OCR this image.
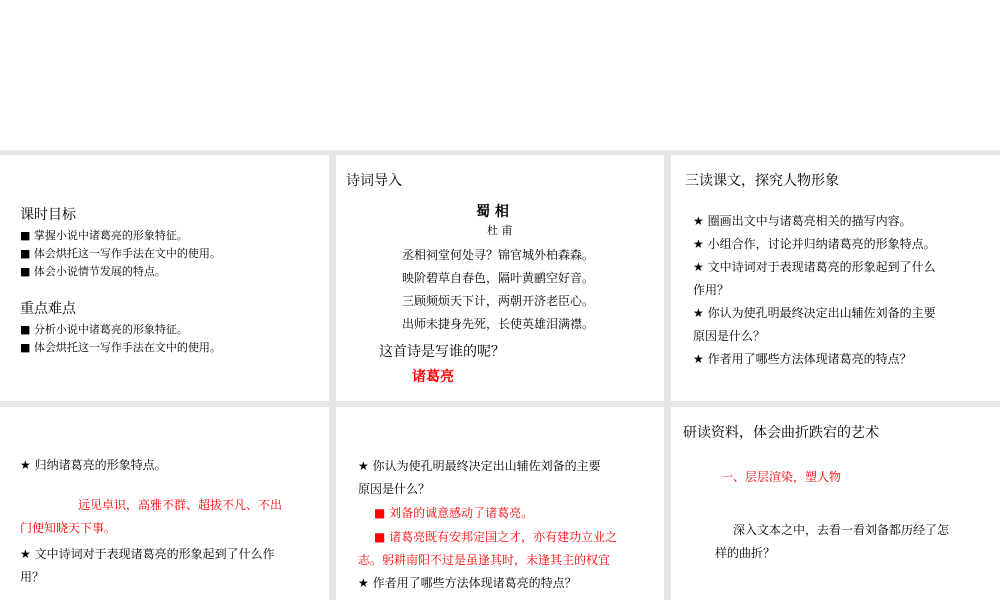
课时目标
■ 掌握小说中诸葛亮的形象特征。
■ 体会烘托这一写作手法在文中的使用。
■ 体会小说情节发展的特点。
重点难点
■ 分析小说中诸葛亮的形象特征。
■ 体会烘托这一写作手法在文中的使用。
诗词导入
蜀 相
杜 甫
丞相祠堂何处寻？锦官城外柏森森。
映阶碧草自春色，隔叶黄鹂空好音。
三顾频烦天下计，两朝开济老臣心。
出师未捷身先死，长使英雄泪满襟。
这首诗是写谁的呢？
诸葛亮
三读课文，探究人物形象
★ 圈画出文中与诸葛亮相关的描写内容。
★ 小组合作，讨论并归纳诸葛亮的形象特点。
★ 文中诗词对于表现诸葛亮的形象起到了什么
作用？
★ 你认为使孔明最终决定出山辅佐刘备的主要
原因是什么？
★ 作者用了哪些方法体现诸葛亮的特点？
★ 归纳诸葛亮的形象特点。
远见卓识，高雅不群、超拔不凡、不出
门便知晓天下事。
★ 文中诗词对于表现诸葛亮的形象起到了什么作
用？
★ 你认为使孔明最终决定出山辅佐刘备的主要
原因是什么？
■ 刘备的诚意感动了诸葛亮。
■ 诸葛亮既有安邦定国之才，亦有建功立业之
志。躬耕南阳不过是虽逢其时，未逢其主的权宜
★ 作者用了哪些方法体现诸葛亮的特点？
研读资料，体会曲折跌宕的艺术
一、层层渲染，塑人物
深入文本之中，去看一看刘备都历经了怎
样的曲折？
